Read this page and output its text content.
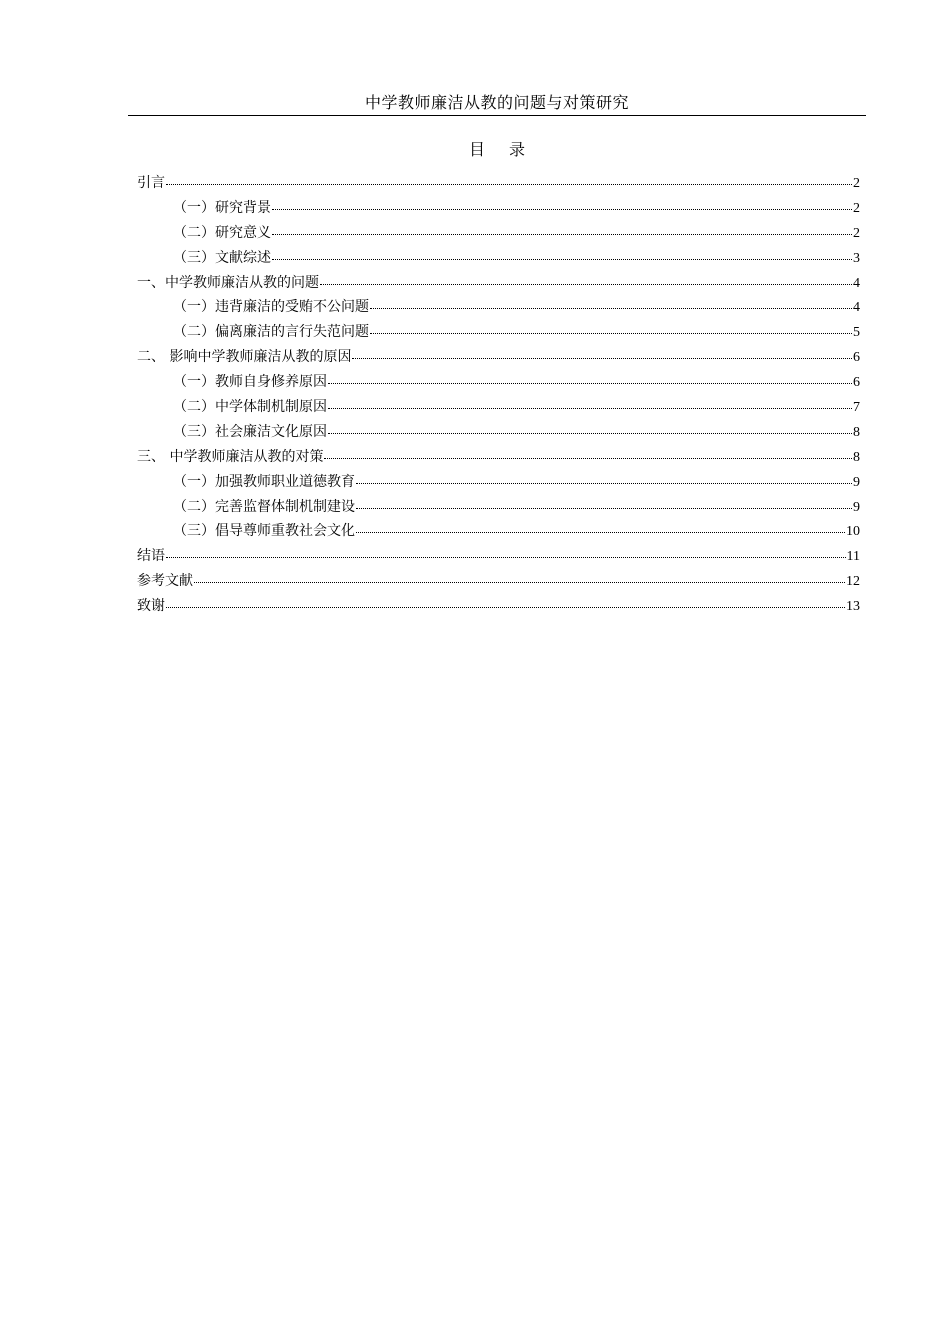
中学教师廉洁从教的问题与对策研究
目录
引言	2
（一）研究背景	2
（二）研究意义	2
（三）文献综述	3
一、中学教师廉洁从教的问题	4
（一）违背廉洁的受贿不公问题	4
（二）偏离廉洁的言行失范问题	5
二、 影响中学教师廉洁从教的原因	6
（一）教师自身修养原因	6
（二）中学体制机制原因	7
（三）社会廉洁文化原因	8
三、 中学教师廉洁从教的对策	8
（一）加强教师职业道德教育	9
（二）完善监督体制机制建设	9
（三）倡导尊师重教社会文化	10
结语	11
参考文献	12
致谢	13
